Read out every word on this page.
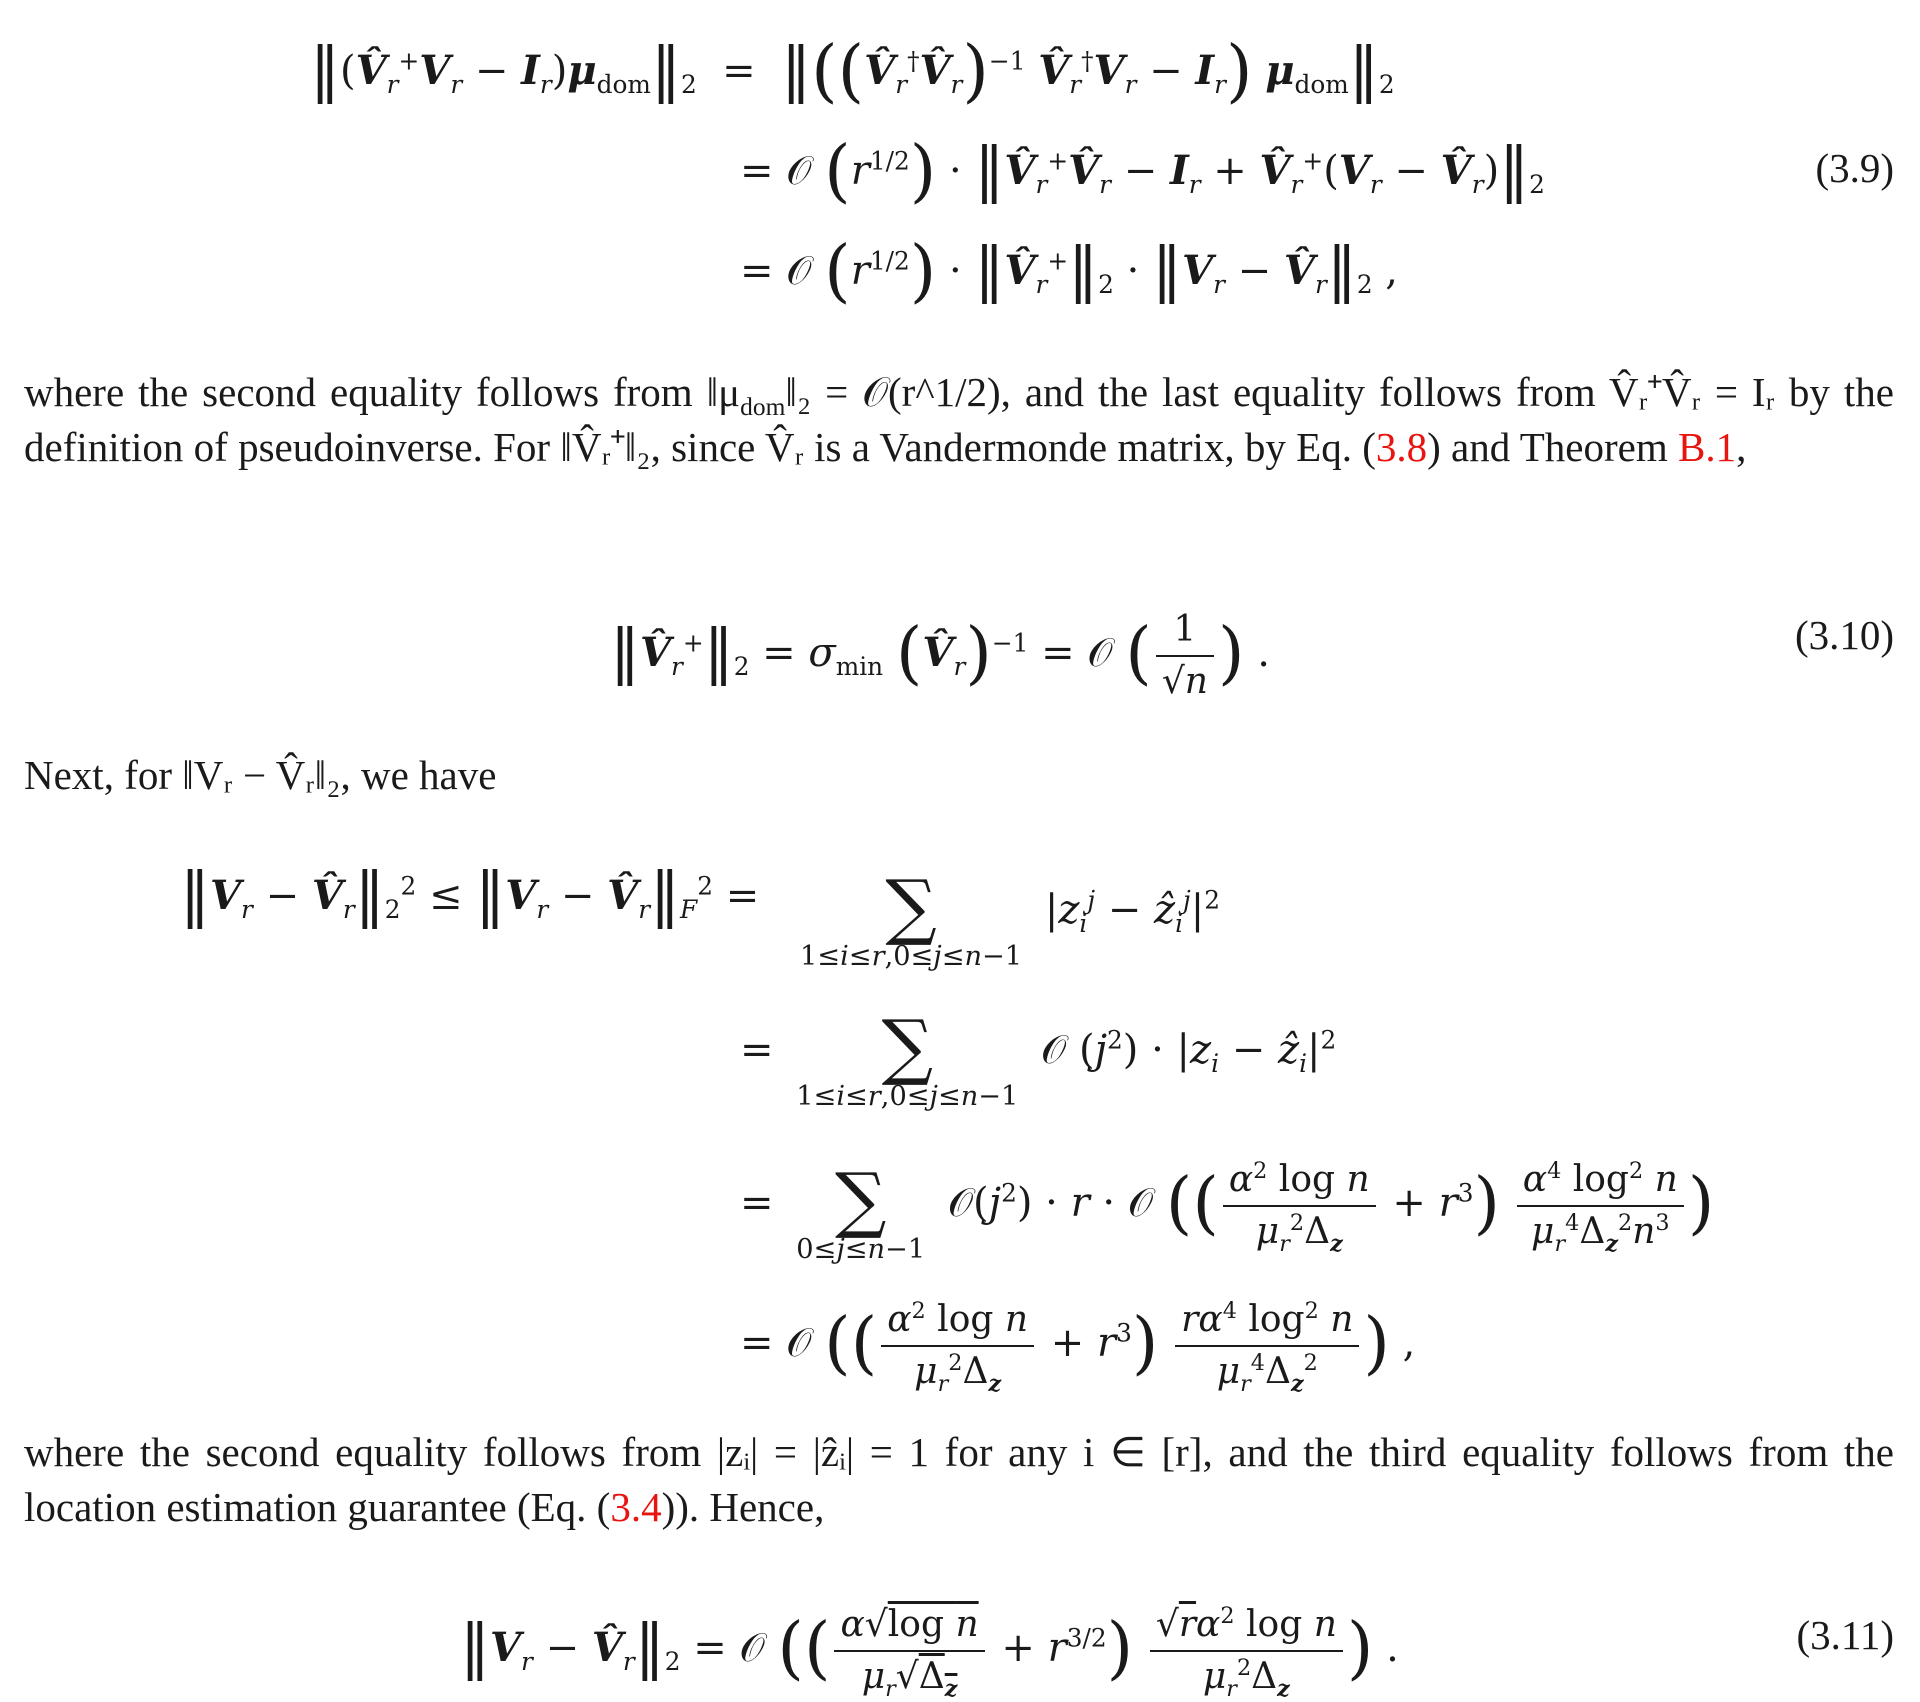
$‖(V̂_r^+V_r$ − $I_r)\mu_{dom}‖_2$  =  $‖((V̂_r^\dagger V̂_r)^{-1}$ $V̂_r^\dagger V_r - I_r$) $\mu_{dom}‖_2$
= 𝒪 $(r^{1/2})$ · $‖V̂_r^+V̂_r - I_r$ + $V̂_r^+(V_r$ − $V̂_r)‖_2$
= 𝒪 $(r^{1/2})$ · $‖V̂_r^+‖_2$ · $‖V_r$ − $V̂_r‖_2$ ,
(3.9)

where the second equality follows from $‖\mu_{dom}‖_2$ = 𝒪(r^1/2), and the last equality follows from V̂ᵣ⁺V̂ᵣ = Iᵣ by the definition of pseudoinverse. For ‖V̂ᵣ⁺‖₂, since V̂ᵣ is a Vandermonde matrix, by Eq. (3.8) and Theorem B.1,

$‖V̂_r^+‖_2 = \sigma_{min}$ $(V̂_r)^{-1}$ = 𝒪 ( $\frac{1}{√n}$ ) .	(3.10)

Next, for ‖Vᵣ − V̂ᵣ‖₂, we have

$‖V_r$ − $V̂_r‖_2^2$ ≤ $‖V_r$ − $V̂_r‖_F^2$ =	∑
1≤i≤r,0≤j≤n−1
$|z_i^j$ − $ẑ_i^j|^2$
=	∑
1≤i≤r,0≤j≤n−1
𝒪 $(j^2) \cdot |z_i$ − $ẑ_i|^2$
= ∑
0≤j≤n−1
$𝒪(j^2) \cdot r$ · 𝒪 (( $\frac{\alpha^2 \log n}{\mu_r^2\Delta_z} + r^3) \frac{\alpha^4 \log^2 n}{\mu_r^4\Delta_z^2n^3}$ )
= 𝒪 (( $\frac{\alpha^2 \log n}{\mu_r^2\Delta_z} + r^3) \frac{r\alpha^4 \log^2 n}{\mu_r^4\Delta_z^2}$ ) ,

where the second equality follows from |zᵢ| = |ẑᵢ| = 1 for any i ∈ [r], and the third equality follows from the location estimation guarantee (Eq. (3.4)). Hence,

$‖V_r$ − $V̂_r‖_2$ = 𝒪 (( $\frac{\text{α√log n}}{\mu_r√\Delta_z} + r^{3/2}) \frac{√r\alpha^2 \log n}{\mu_r^2\Delta_z}$ ) .	(3.11)
